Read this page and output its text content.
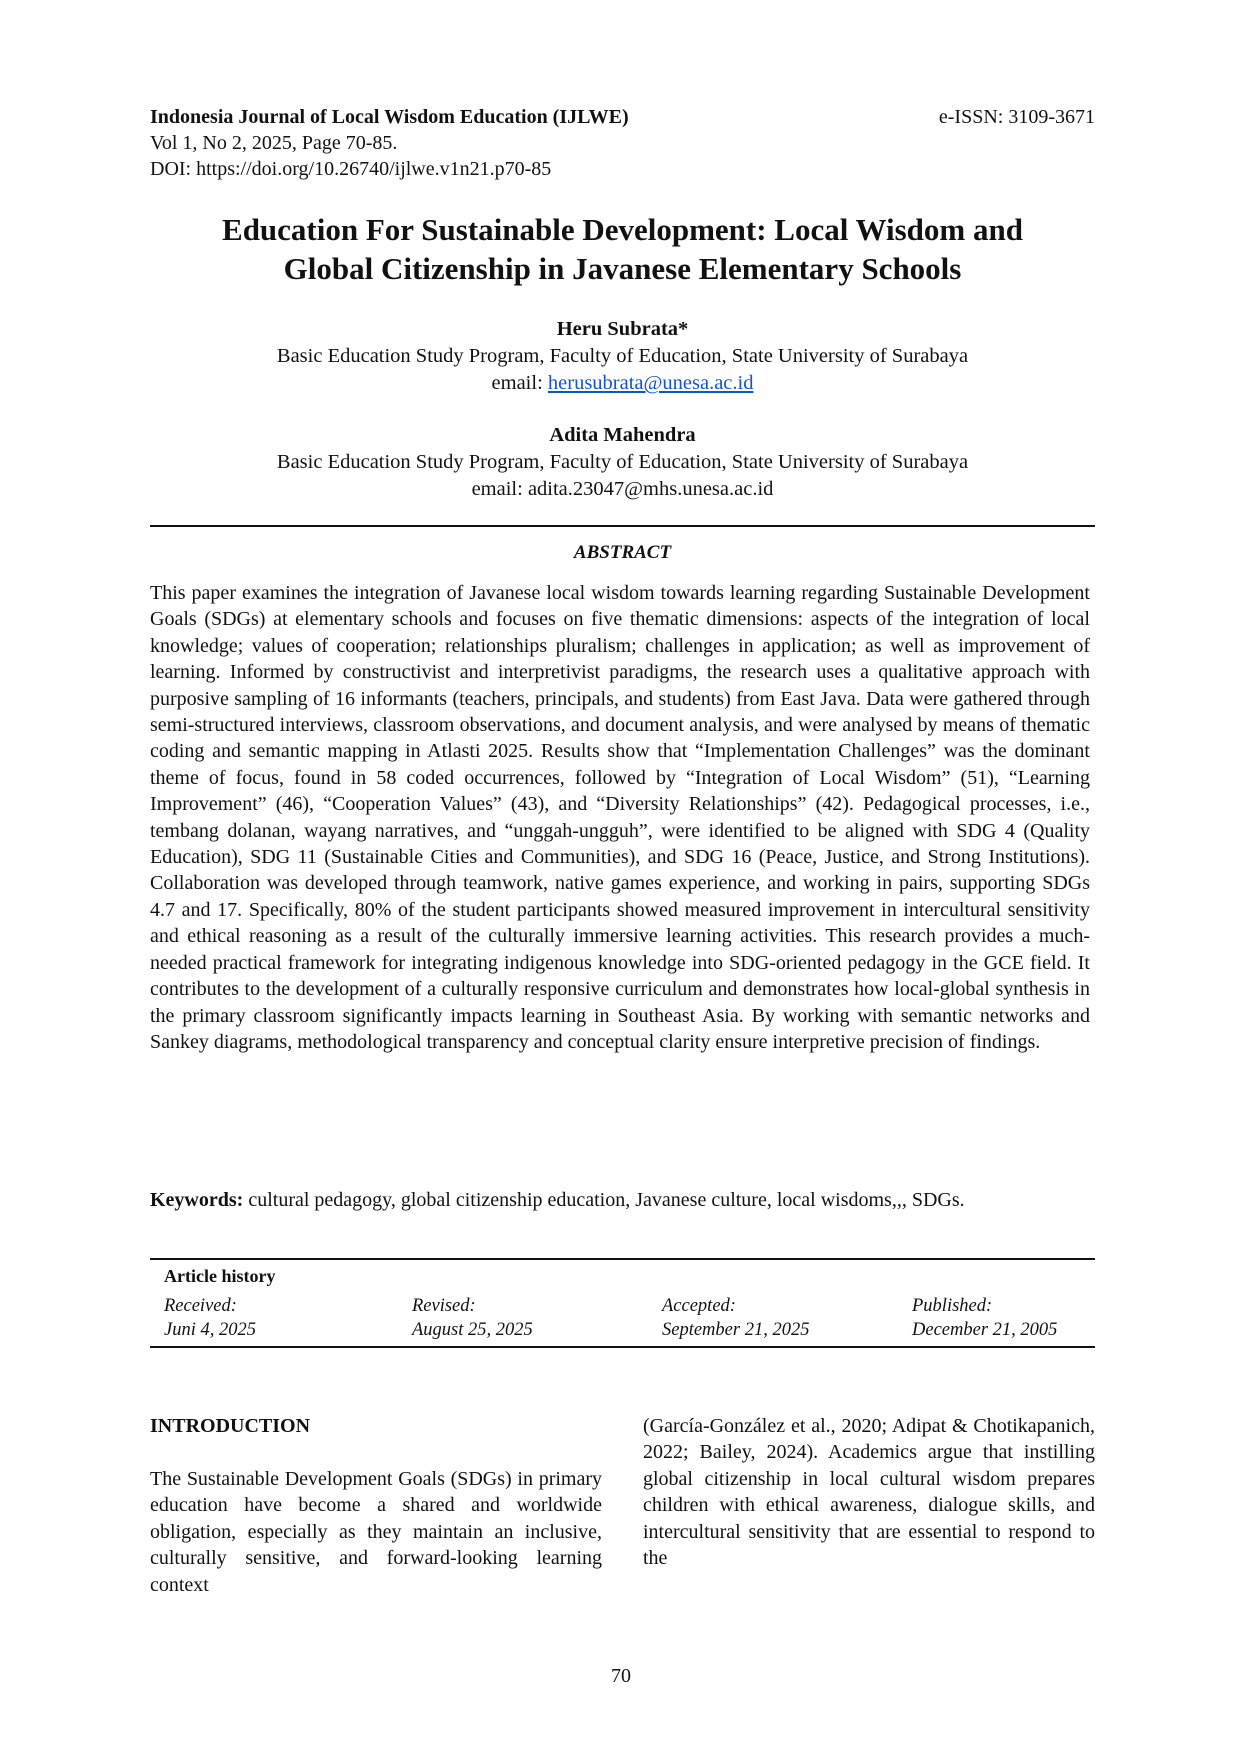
Indonesia Journal of Local Wisdom Education (IJLWE)
Vol 1, No 2, 2025, Page 70-85.
DOI: https://doi.org/10.26740/ijlwe.v1n21.p70-85
e-ISSN: 3109-3671
Education For Sustainable Development: Local Wisdom and
Global Citizenship in Javanese Elementary Schools
Heru Subrata*
Basic Education Study Program, Faculty of Education, State University of Surabaya
email: herusubrata@unesa.ac.id
Adita Mahendra
Basic Education Study Program, Faculty of Education, State University of Surabaya
email: adita.23047@mhs.unesa.ac.id
ABSTRACT
This paper examines the integration of Javanese local wisdom towards learning regarding Sustainable Development Goals (SDGs) at elementary schools and focuses on five thematic dimensions: aspects of the integration of local knowledge; values of cooperation; relationships pluralism; challenges in application; as well as improvement of learning. Informed by constructivist and interpretivist paradigms, the research uses a qualitative approach with purposive sampling of 16 informants (teachers, principals, and students) from East Java. Data were gathered through semi-structured interviews, classroom observations, and document analysis, and were analysed by means of thematic coding and semantic mapping in Atlasti 2025. Results show that “Implementation Challenges” was the dominant theme of focus, found in 58 coded occurrences, followed by “Integration of Local Wisdom” (51), “Learning Improvement” (46), “Cooperation Values” (43), and “Diversity Relationships” (42). Pedagogical processes, i.e., tembang dolanan, wayang narratives, and “unggah-ungguh”, were identified to be aligned with SDG 4 (Quality Education), SDG 11 (Sustainable Cities and Communities), and SDG 16 (Peace, Justice, and Strong Institutions). Collaboration was developed through teamwork, native games experience, and working in pairs, supporting SDGs 4.7 and 17. Specifically, 80% of the student participants showed measured improvement in intercultural sensitivity and ethical reasoning as a result of the culturally immersive learning activities. This research provides a much-needed practical framework for integrating indigenous knowledge into SDG-oriented pedagogy in the GCE field. It contributes to the development of a culturally responsive curriculum and demonstrates how local-global synthesis in the primary classroom significantly impacts learning in Southeast Asia. By working with semantic networks and Sankey diagrams, methodological transparency and conceptual clarity ensure interpretive precision of findings.
Keywords: cultural pedagogy, global citizenship education, Javanese culture, local wisdoms,,, SDGs.
Article history
Received:
Juni 4, 2025
Revised:
August 25, 2025
Accepted:
September 21, 2025
Published:
December 21, 2005
INTRODUCTION
The Sustainable Development Goals (SDGs) in primary education have become a shared and worldwide obligation, especially as they maintain an inclusive, culturally sensitive, and forward-looking learning context
(García-González et al., 2020; Adipat & Chotikapanich, 2022; Bailey, 2024). Academics argue that instilling global citizenship in local cultural wisdom prepares children with ethical awareness, dialogue skills, and intercultural sensitivity that are essential to respond to the
70
